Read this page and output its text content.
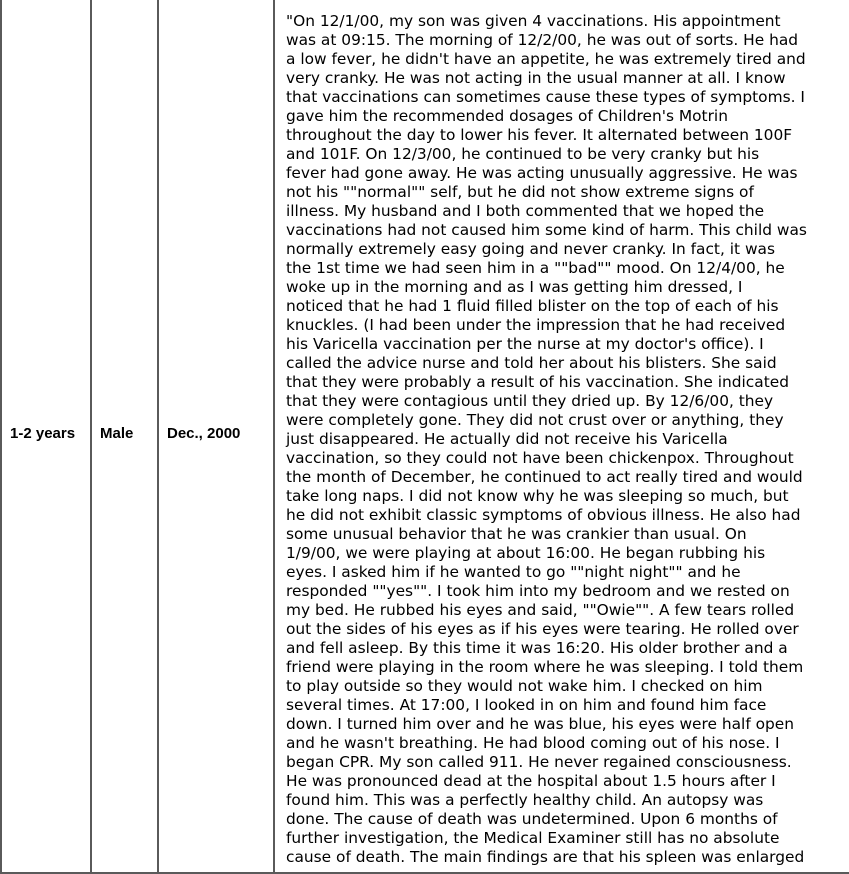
1-2 years	Male	Dec., 2000	
"On 12/1/00, my son was given 4 vaccinations. His appointment
was at 09:15. The morning of 12/2/00, he was out of sorts. He had
a low fever, he didn't have an appetite, he was extremely tired and
very cranky. He was not acting in the usual manner at all. I know
that vaccinations can sometimes cause these types of symptoms. I
gave him the recommended dosages of Children's Motrin
throughout the day to lower his fever. It alternated between 100F
and 101F. On 12/3/00, he continued to be very cranky but his
fever had gone away. He was acting unusually aggressive. He was
not his ""normal"" self, but he did not show extreme signs of
illness. My husband and I both commented that we hoped the
vaccinations had not caused him some kind of harm. This child was
normally extremely easy going and never cranky. In fact, it was
the 1st time we had seen him in a ""bad"" mood. On 12/4/00, he
woke up in the morning and as I was getting him dressed, I
noticed that he had 1 fluid filled blister on the top of each of his
knuckles. (I had been under the impression that he had received
his Varicella vaccination per the nurse at my doctor's office). I
called the advice nurse and told her about his blisters. She said
that they were probably a result of his vaccination. She indicated
that they were contagious until they dried up. By 12/6/00, they
were completely gone. They did not crust over or anything, they
just disappeared. He actually did not receive his Varicella
vaccination, so they could not have been chickenpox. Throughout
the month of December, he continued to act really tired and would
take long naps. I did not know why he was sleeping so much, but
he did not exhibit classic symptoms of obvious illness. He also had
some unusual behavior that he was crankier than usual. On
1/9/00, we were playing at about 16:00. He began rubbing his
eyes. I asked him if he wanted to go ""night night"" and he
responded ""yes"". I took him into my bedroom and we rested on
my bed. He rubbed his eyes and said, ""Owie"". A few tears rolled
out the sides of his eyes as if his eyes were tearing. He rolled over
and fell asleep. By this time it was 16:20. His older brother and a
friend were playing in the room where he was sleeping. I told them
to play outside so they would not wake him. I checked on him
several times. At 17:00, I looked in on him and found him face
down. I turned him over and he was blue, his eyes were half open
and he wasn't breathing. He had blood coming out of his nose. I
began CPR. My son called 911. He never regained consciousness.
He was pronounced dead at the hospital about 1.5 hours after I
found him. This was a perfectly healthy child. An autopsy was
done. The cause of death was undetermined. Upon 6 months of
further investigation, the Medical Examiner still has no absolute
cause of death. The main findings are that his spleen was enlarged
